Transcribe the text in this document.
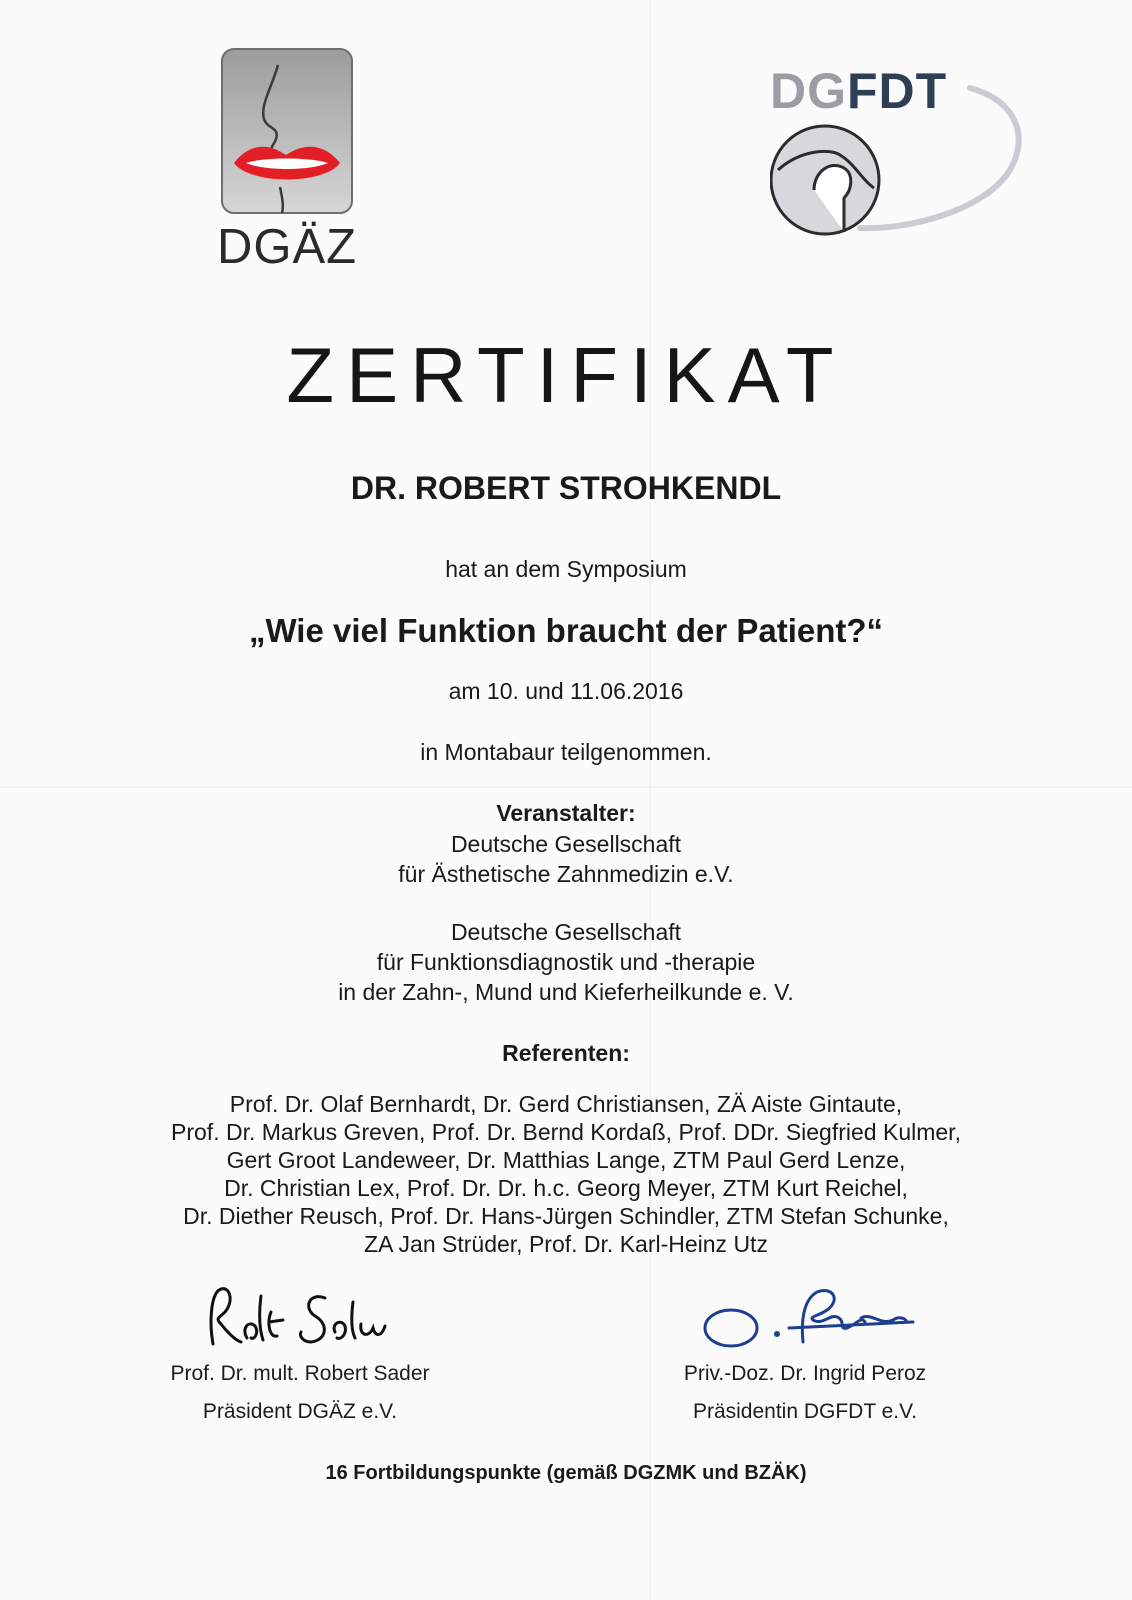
DGÄZ
DGFDT
ZERTIFIKAT
DR. ROBERT STROHKENDL
hat an dem Symposium
„Wie viel Funktion braucht der Patient?“
am 10. und 11.06.2016
in Montabaur teilgenommen.
Veranstalter:
Deutsche Gesellschaft
für Ästhetische Zahnmedizin e.V.
Deutsche Gesellschaft
für Funktionsdiagnostik und -therapie
in der Zahn-, Mund und Kieferheilkunde e. V.
Referenten:
Prof. Dr. Olaf Bernhardt, Dr. Gerd Christiansen, ZÄ Aiste Gintaute,
Prof. Dr. Markus Greven, Prof. Dr. Bernd Kordaß, Prof. DDr. Siegfried Kulmer,
Gert Groot Landeweer, Dr. Matthias Lange, ZTM Paul Gerd Lenze,
Dr. Christian Lex, Prof. Dr. Dr. h.c. Georg Meyer, ZTM Kurt Reichel,
Dr. Diether Reusch, Prof. Dr. Hans-Jürgen Schindler, ZTM Stefan Schunke,
ZA Jan Strüder, Prof. Dr. Karl-Heinz Utz
Prof. Dr. mult. Robert Sader
Präsident DGÄZ e.V.
Priv.-Doz. Dr. Ingrid Peroz
Präsidentin DGFDT e.V.
16 Fortbildungspunkte (gemäß DGZMK und BZÄK)
